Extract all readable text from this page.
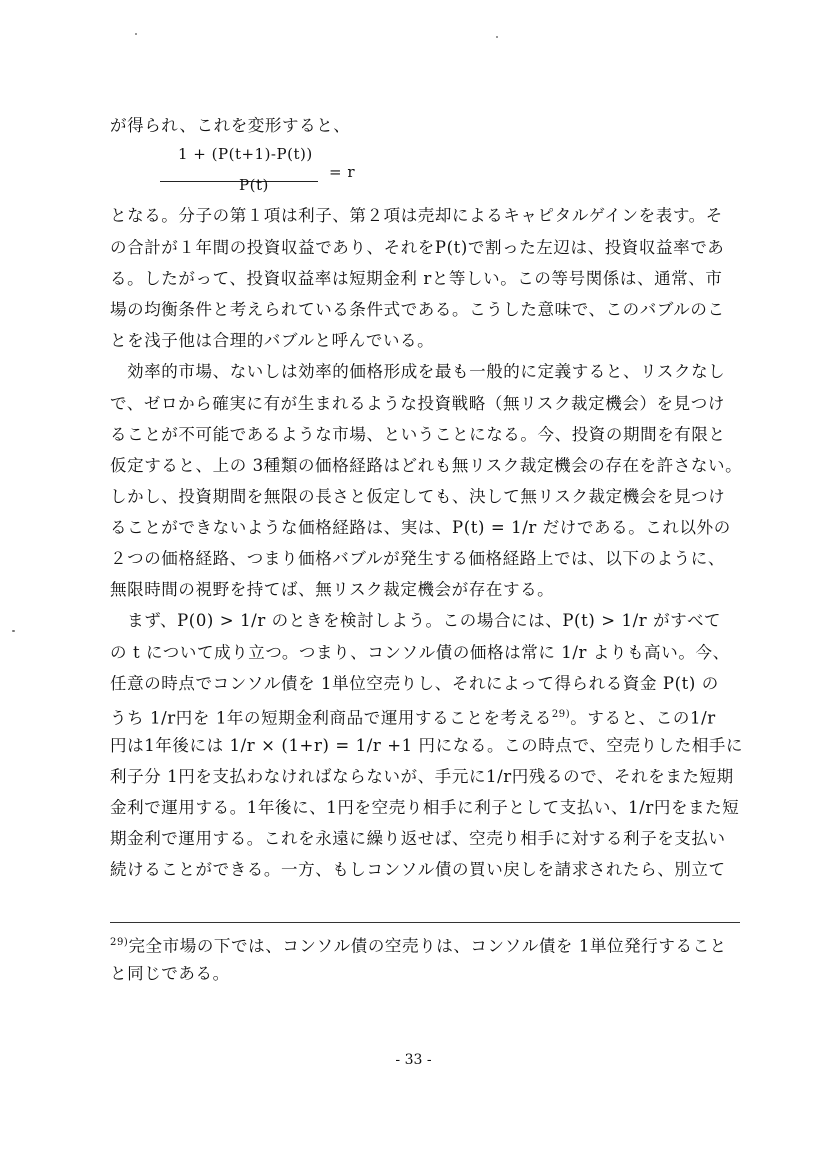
が得られ、これを変形すると、
1 + (P(t+1)-P(t))
P(t)
= r
となる。分子の第１項は利子、第２項は売却によるキャピタルゲインを表す。そ
の合計が１年間の投資収益であり、それをP(t)で割った左辺は、投資収益率であ
る。したがって、投資収益率は短期金利 rと等しい。この等号関係は、通常、市
場の均衡条件と考えられている条件式である。こうした意味で、このバブルのこ
とを浅子他は合理的バブルと呼んでいる。
　効率的市場、ないしは効率的価格形成を最も一般的に定義すると、リスクなし
で、ゼロから確実に有が生まれるような投資戦略（無リスク裁定機会）を見つけ
ることが不可能であるような市場、ということになる。今、投資の期間を有限と
仮定すると、上の 3種類の価格経路はどれも無リスク裁定機会の存在を許さない。
しかし、投資期間を無限の長さと仮定しても、決して無リスク裁定機会を見つけ
ることができないような価格経路は、実は、P(t) = 1/r だけである。これ以外の
２つの価格経路、つまり価格バブルが発生する価格経路上では、以下のように、
無限時間の視野を持てば、無リスク裁定機会が存在する。
　まず、P(0) > 1/r のときを検討しよう。この場合には、P(t) > 1/r がすべて
の t について成り立つ。つまり、コンソル債の価格は常に 1/r よりも高い。今、
任意の時点でコンソル債を 1単位空売りし、それによって得られる資金 P(t) の
うち 1/r円を 1年の短期金利商品で運用することを考える$^{29)}$。すると、この1/r
円は1年後には 1/r × (1+r) = 1/r +1 円になる。この時点で、空売りした相手に
利子分 1円を支払わなければならないが、手元に1/r円残るので、それをまた短期
金利で運用する。1年後に、1円を空売り相手に利子として支払い、1/r円をまた短
期金利で運用する。これを永遠に繰り返せば、空売り相手に対する利子を支払い
続けることができる。一方、もしコンソル債の買い戻しを請求されたら、別立て
$^{29)}$完全市場の下では、コンソル債の空売りは、コンソル債を 1単位発行すること
と同じである。
- 33 -
